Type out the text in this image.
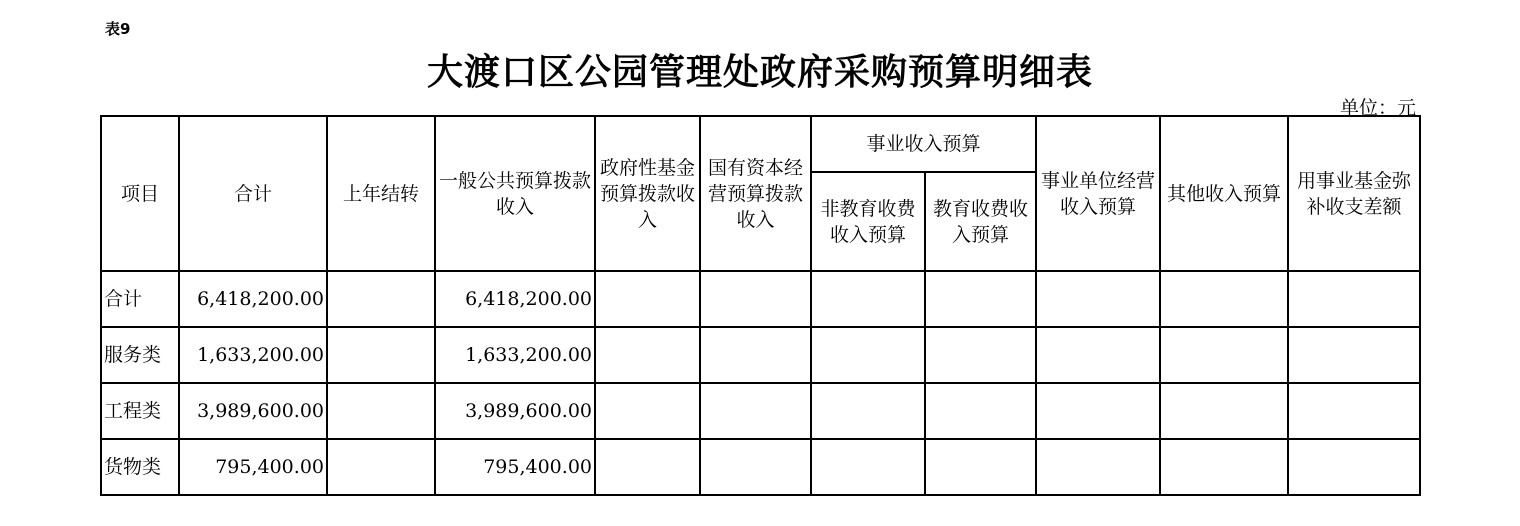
表9
大渡口区公园管理处政府采购预算明细表
单位：元
项目	合计	上年结转	一般公共预算拨款收入	政府性基金预算拨款收入	国有资本经营预算拨款收入	事业收入预算		事业单位经营收入预算	其他收入预算	用事业基金弥补收支差额
						非教育收费收入预算	教育收费收入预算			
合计	6,418,200.00		6,418,200.00							
服务类	1,633,200.00		1,633,200.00							
工程类	3,989,600.00		3,989,600.00							
货物类	795,400.00		795,400.00							
